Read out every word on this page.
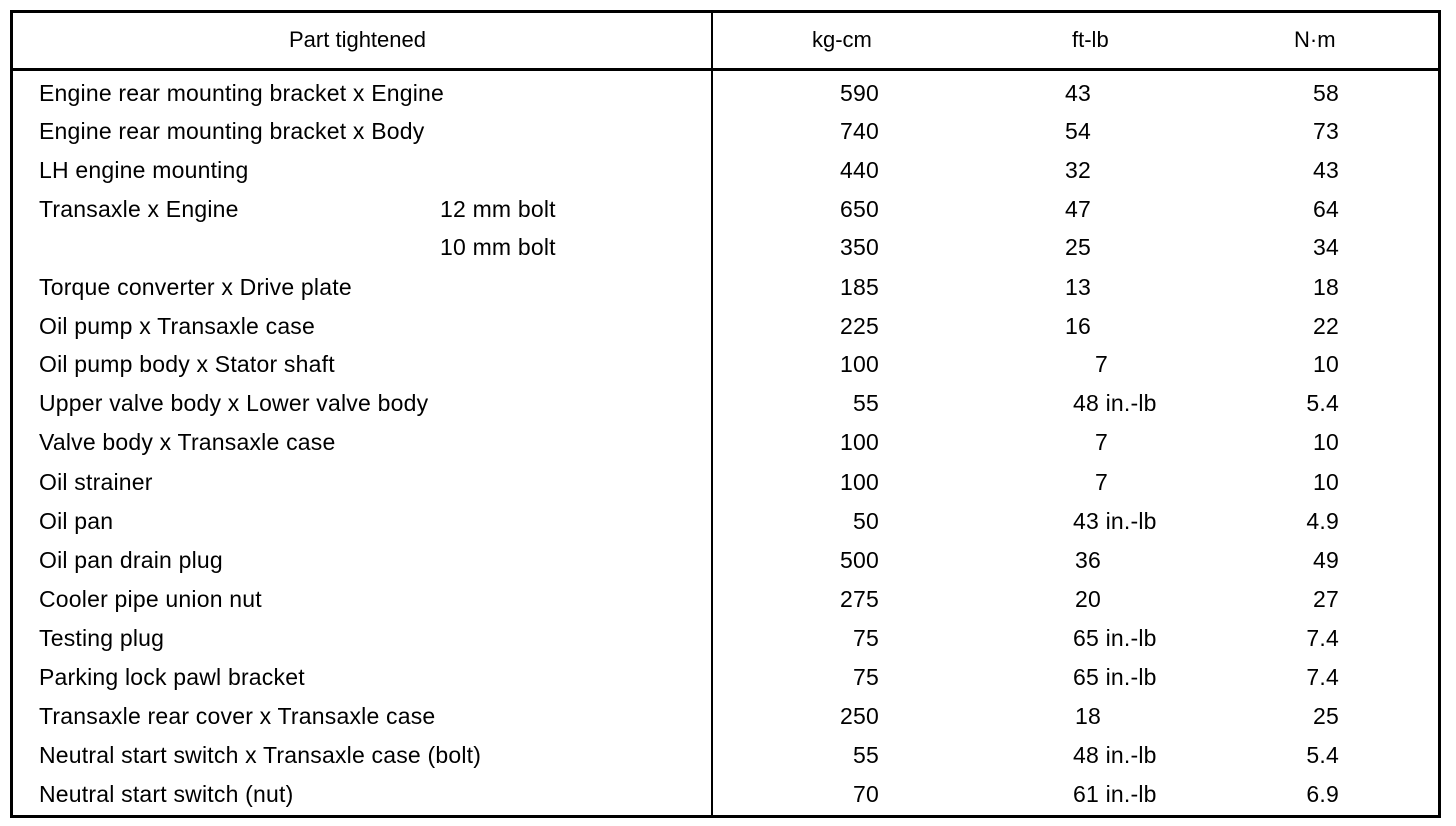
Part tightened	kg-cm	ft-lb	N·m
Engine rear mounting bracket x Engine	590	43	58
Engine rear mounting bracket x Body	740	54	73
LH engine mounting	440	32	43
Transaxle x Engine	12 mm bolt	650	47	64
10 mm bolt	350	25	34
Torque converter x Drive plate	185	13	18
Oil pump x Transaxle case	225	16	22
Oil pump body x Stator shaft	100	7	10
Upper valve body x Lower valve body	55	48 in.-lb	5.4
Valve body x Transaxle case	100	7	10
Oil strainer	100	7	10
Oil pan	50	43 in.-lb	4.9
Oil pan drain plug	500	36	49
Cooler pipe union nut	275	20	27
Testing plug	75	65 in.-lb	7.4
Parking lock pawl bracket	75	65 in.-lb	7.4
Transaxle rear cover x Transaxle case	250	18	25
Neutral start switch x Transaxle case (bolt)	55	48 in.-lb	5.4
Neutral start switch (nut)	70	61 in.-lb	6.9
